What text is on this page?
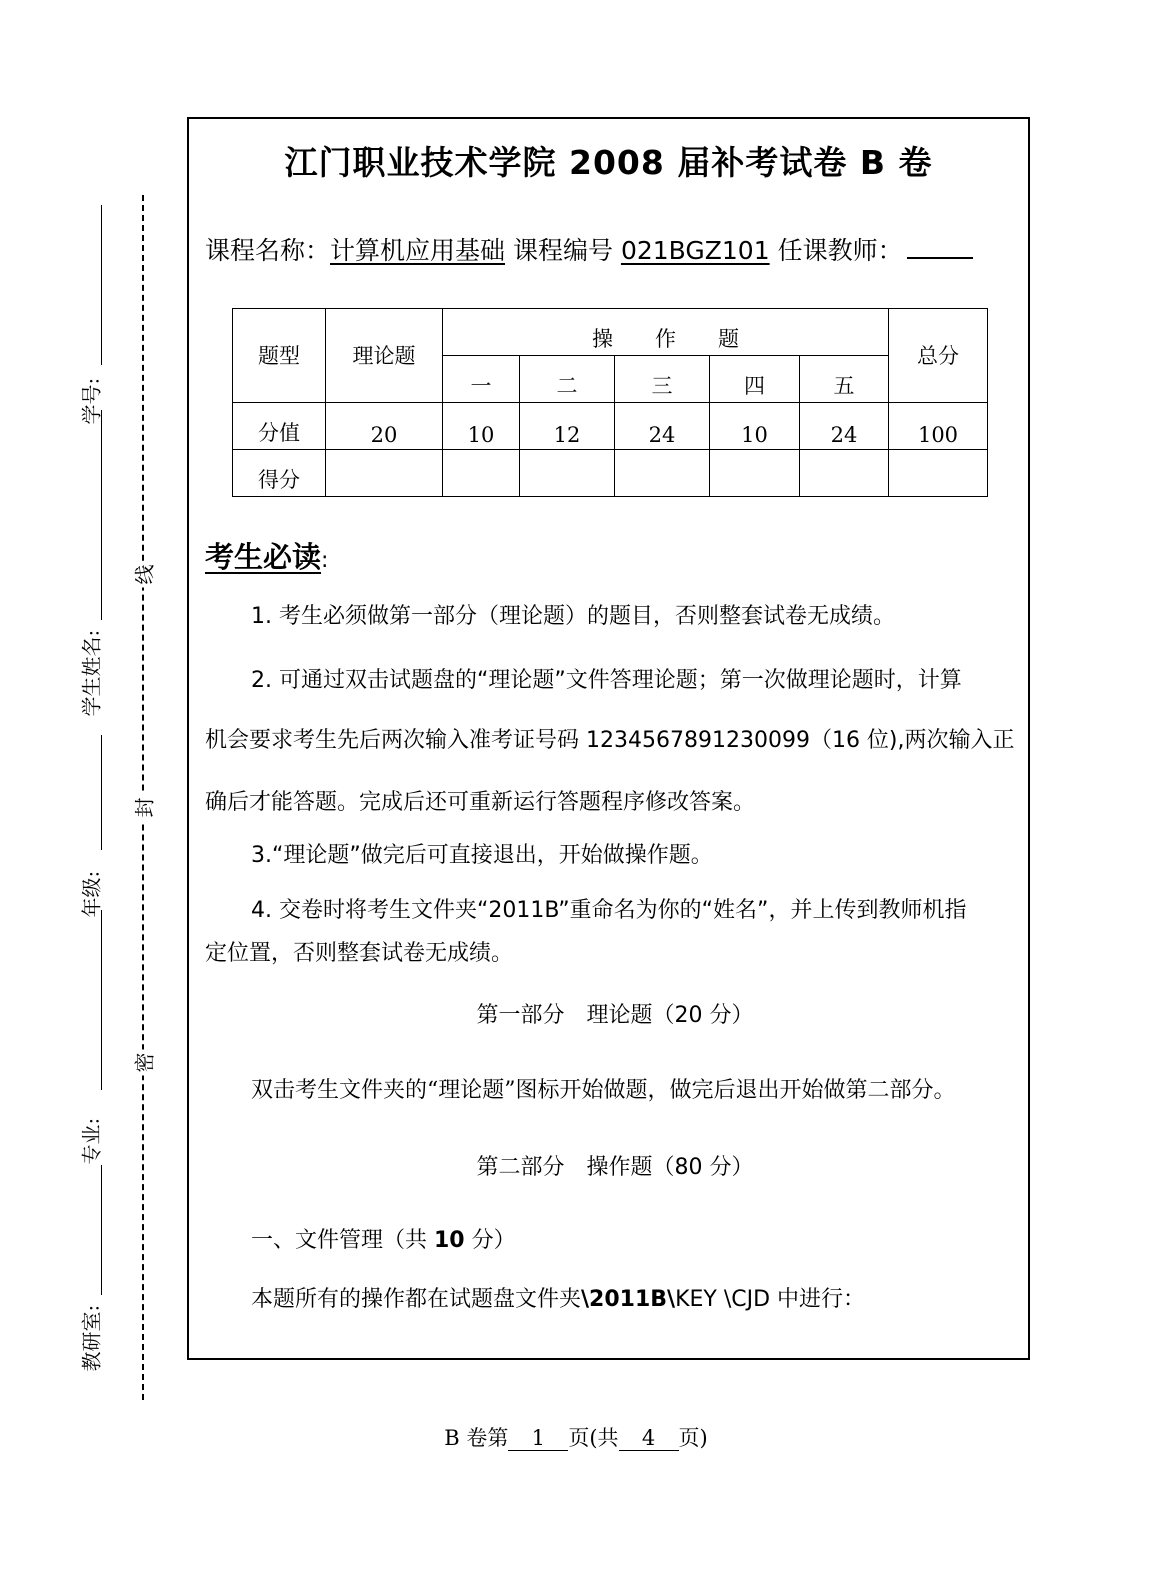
学号:
学生姓名:
年级:
专业:
教研室:
线
封
密
江门职业技术学院 2008 届补考试卷 B 卷
课程名称：计算机应用基础 课程编号 021BGZ101 任课教师：
题型	理论题	操　　作　　题					总分
		一	二	三	四	五	
分值	20	10	12	24	10	24	100
得分							
考生必读:
1. 考生必须做第一部分（理论题）的题目，否则整套试卷无成绩。
2. 可通过双击试题盘的“理论题”文件答理论题；第一次做理论题时，计算
机会要求考生先后两次输入准考证号码 1234567891230099（16 位),两次输入正
确后才能答题。完成后还可重新运行答题程序修改答案。
3.“理论题”做完后可直接退出，开始做操作题。
4. 交卷时将考生文件夹“2011B”重命名为你的“姓名”，并上传到教师机指
定位置，否则整套试卷无成绩。
第一部分　理论题（20 分）
双击考生文件夹的“理论题”图标开始做题，做完后退出开始做第二部分。
第二部分　操作题（80 分）
一、文件管理（共 10 分）
本题所有的操作都在试题盘文件夹\2011B\KEY \CJD 中进行：
B 卷第 1 页(共 4 页)
